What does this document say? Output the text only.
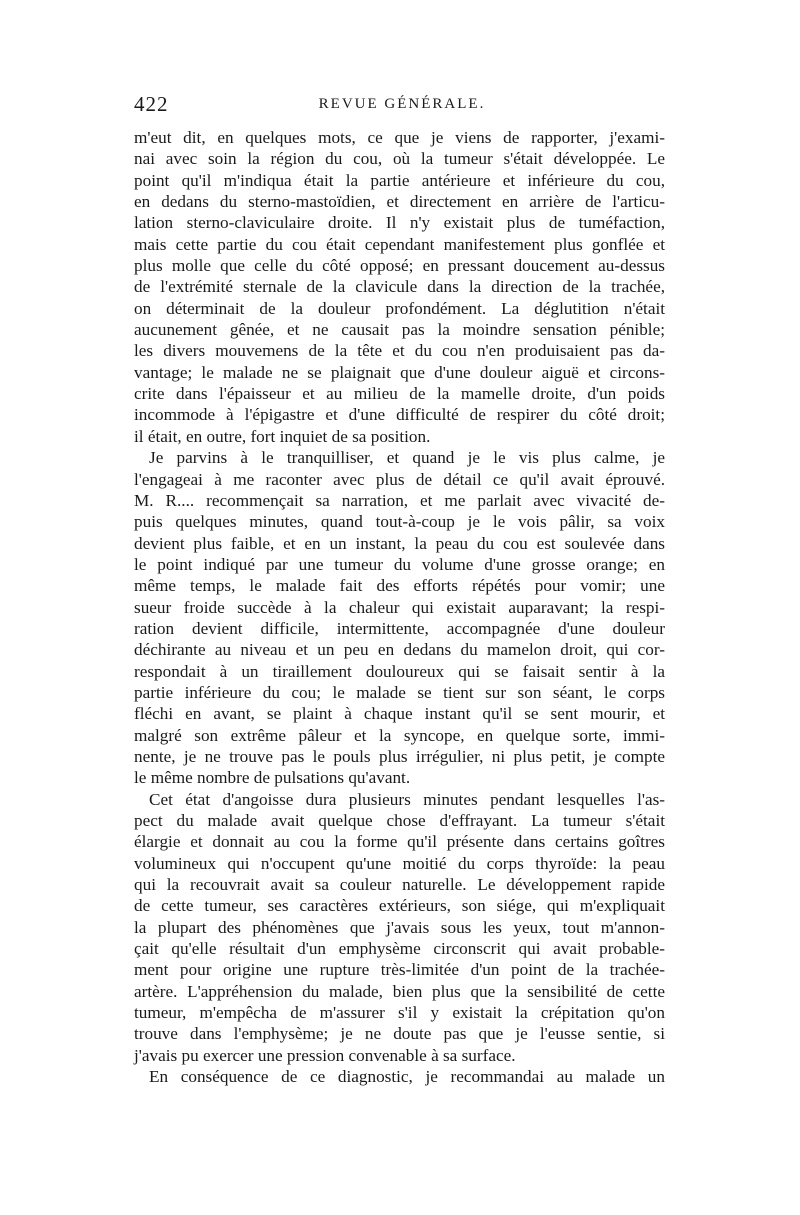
422	REVUE GÉNÉRALE.
m'eut dit, en quelques mots, ce que je viens de rapporter, j'exami-
nai avec soin la région du cou, où la tumeur s'était développée. Le
point qu'il m'indiqua était la partie antérieure et inférieure du cou,
en dedans du sterno-mastoïdien, et directement en arrière de l'articu-
lation sterno-claviculaire droite. Il n'y existait plus de tuméfaction,
mais cette partie du cou était cependant manifestement plus gonflée et
plus molle que celle du côté opposé; en pressant doucement au-dessus
de l'extrémité sternale de la clavicule dans la direction de la trachée,
on déterminait de la douleur profondément. La déglutition n'était
aucunement gênée, et ne causait pas la moindre sensation pénible;
les divers mouvemens de la tête et du cou n'en produisaient pas da-
vantage; le malade ne se plaignait que d'une douleur aiguë et circons-
crite dans l'épaisseur et au milieu de la mamelle droite, d'un poids
incommode à l'épigastre et d'une difficulté de respirer du côté droit;
il était, en outre, fort inquiet de sa position.
Je parvins à le tranquilliser, et quand je le vis plus calme, je
l'engageai à me raconter avec plus de détail ce qu'il avait éprouvé.
M. R.... recommençait sa narration, et me parlait avec vivacité de-
puis quelques minutes, quand tout-à-coup je le vois pâlir, sa voix
devient plus faible, et en un instant, la peau du cou est soulevée dans
le point indiqué par une tumeur du volume d'une grosse orange; en
même temps, le malade fait des efforts répétés pour vomir; une
sueur froide succède à la chaleur qui existait auparavant; la respi-
ration devient difficile, intermittente, accompagnée d'une douleur
déchirante au niveau et un peu en dedans du mamelon droit, qui cor-
respondait à un tiraillement douloureux qui se faisait sentir à la
partie inférieure du cou; le malade se tient sur son séant, le corps
fléchi en avant, se plaint à chaque instant qu'il se sent mourir, et
malgré son extrême pâleur et la syncope, en quelque sorte, immi-
nente, je ne trouve pas le pouls plus irrégulier, ni plus petit, je compte
le même nombre de pulsations qu'avant.
Cet état d'angoisse dura plusieurs minutes pendant lesquelles l'as-
pect du malade avait quelque chose d'effrayant. La tumeur s'était
élargie et donnait au cou la forme qu'il présente dans certains goîtres
volumineux qui n'occupent qu'une moitié du corps thyroïde: la peau
qui la recouvrait avait sa couleur naturelle. Le développement rapide
de cette tumeur, ses caractères extérieurs, son siége, qui m'expliquait
la plupart des phénomènes que j'avais sous les yeux, tout m'annon-
çait qu'elle résultait d'un emphysème circonscrit qui avait probable-
ment pour origine une rupture très-limitée d'un point de la trachée-
artère. L'appréhension du malade, bien plus que la sensibilité de cette
tumeur, m'empêcha de m'assurer s'il y existait la crépitation qu'on
trouve dans l'emphysème; je ne doute pas que je l'eusse sentie, si
j'avais pu exercer une pression convenable à sa surface.
En conséquence de ce diagnostic, je recommandai au malade un
